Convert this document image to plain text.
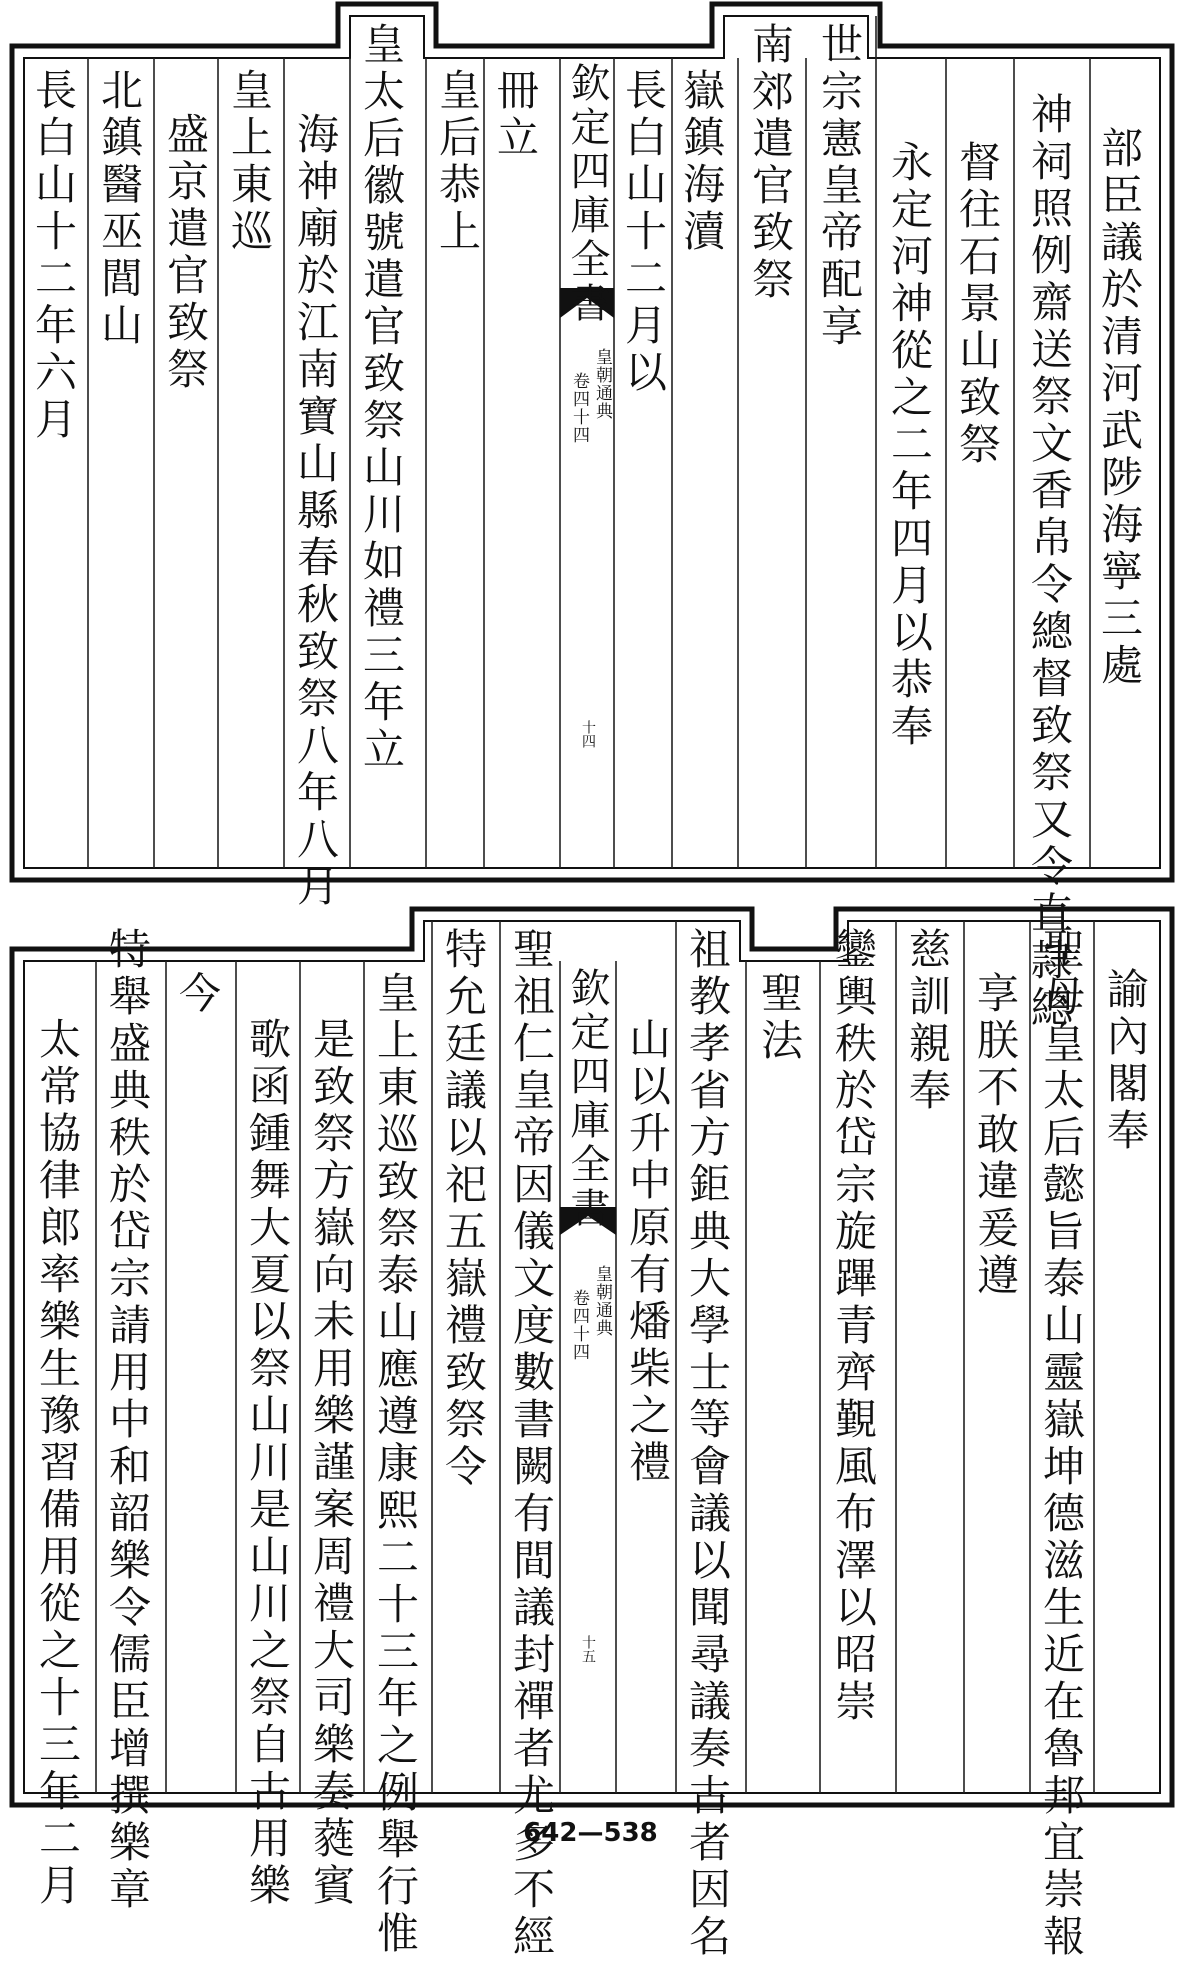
部臣議於清河武陟海寧三處
神祠照例齋送祭文香帛令總督致祭又令直隷總
督往石景山致祭
永定河神從之二年四月以恭奉
世宗憲皇帝配享
南郊遣官致祭
嶽鎮海瀆
長白山十二月以
欽定四庫全書
皇朝通典
卷四十四
十四
冊立
皇后恭上
皇太后徽號遣官致祭山川如禮三年立
海神廟於江南寶山縣春秋致祭八年八月
皇上東巡
盛京遣官致祭
北鎮醫巫閭山
長白山十二年六月
諭內閣奉
聖母皇太后懿旨泰山靈嶽坤德滋生近在魯邦宜崇報
享朕不敢違爰遵
慈訓親奉
鑾輿秩於岱宗旋蹕青齊覲風布澤以昭崇
聖法
祖教孝省方鉅典大學士等會議以聞尋議奏古者因名
山以升中原有燔柴之禮
欽定四庫全書
皇朝通典
卷四十四
十五
聖祖仁皇帝因儀文度數書闕有間議封禪者尤多不經
特允廷議以祀五嶽禮致祭令
皇上東巡致祭泰山應遵康熙二十三年之例舉行惟
是致祭方嶽向未用樂謹案周禮大司樂奏蕤賓
歌函鍾舞大夏以祭山川是山川之祭自古用樂
今
特舉盛典秩於岱宗請用中和韶樂令儒臣增撰樂章
太常協律郎率樂生豫習備用從之十三年二月	642—538
